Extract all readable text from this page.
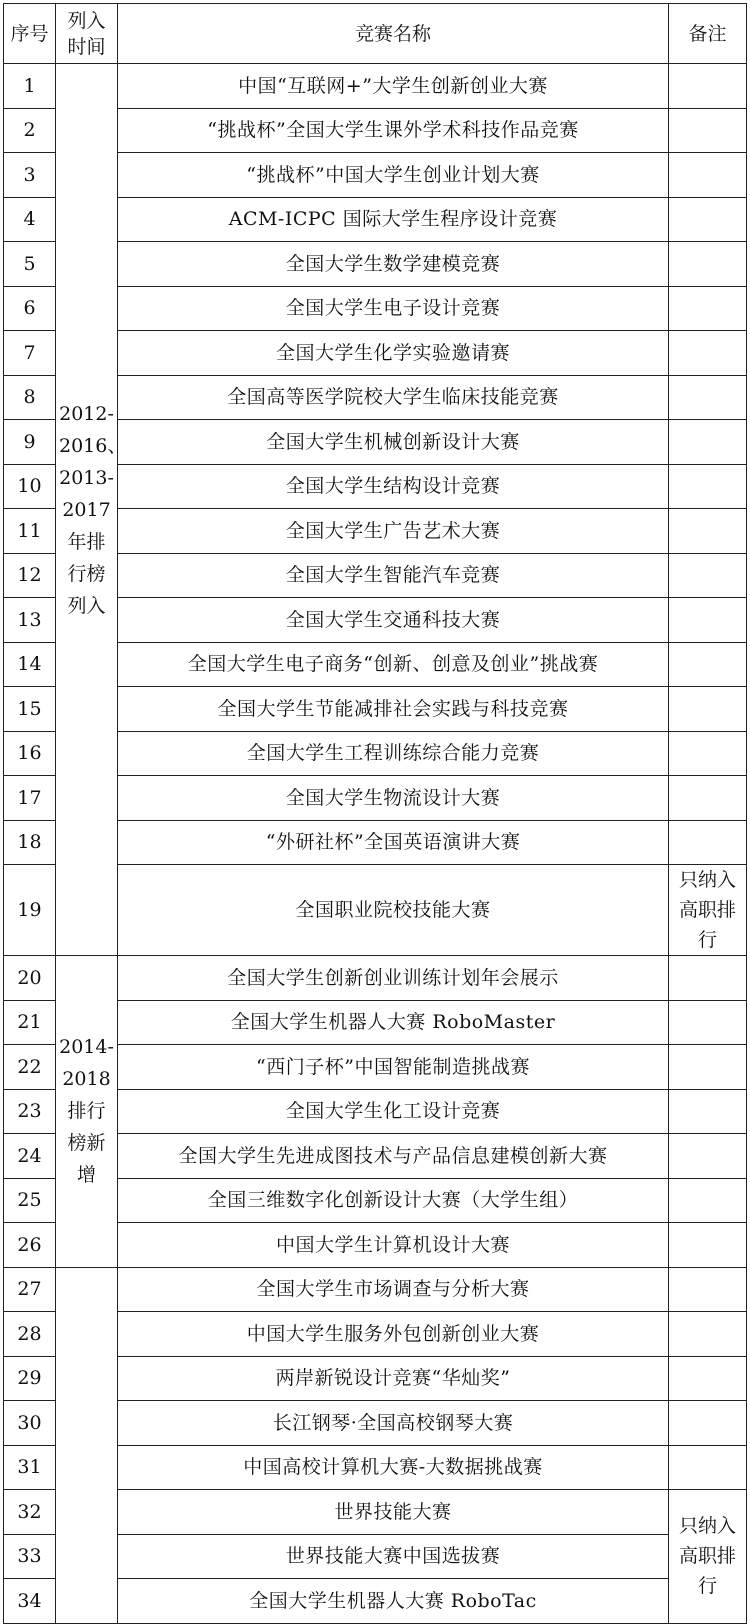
序号	列入时间	竞赛名称	备注
1	2012-2016、2013-2017年排行榜列入	中国“互联网+”大学生创新创业大赛	
2		“挑战杯”全国大学生课外学术科技作品竞赛	
3		“挑战杯”中国大学生创业计划大赛	
4		ACM-ICPC 国际大学生程序设计竞赛	
5		全国大学生数学建模竞赛	
6		全国大学生电子设计竞赛	
7		全国大学生化学实验邀请赛	
8		全国高等医学院校大学生临床技能竞赛	
9		全国大学生机械创新设计大赛	
10		全国大学生结构设计竞赛	
11		全国大学生广告艺术大赛	
12		全国大学生智能汽车竞赛	
13		全国大学生交通科技大赛	
14		全国大学生电子商务“创新、创意及创业”挑战赛	
15		全国大学生节能减排社会实践与科技竞赛	
16		全国大学生工程训练综合能力竞赛	
17		全国大学生物流设计大赛	
18		“外研社杯”全国英语演讲大赛	
19		全国职业院校技能大赛	只纳入高职排行
20	2014-2018排行榜新增	全国大学生创新创业训练计划年会展示	
21		全国大学生机器人大赛 RoboMaster	
22		“西门子杯”中国智能制造挑战赛	
23		全国大学生化工设计竞赛	
24		全国大学生先进成图技术与产品信息建模创新大赛	
25		全国三维数字化创新设计大赛（大学生组）	
26		中国大学生计算机设计大赛	
27		全国大学生市场调查与分析大赛	
28		中国大学生服务外包创新创业大赛	
29		两岸新锐设计竞赛“华灿奖”	
30		长江钢琴·全国高校钢琴大赛	
31		中国高校计算机大赛-大数据挑战赛	
32		世界技能大赛	只纳入高职排行
33		世界技能大赛中国选拔赛	
34		全国大学生机器人大赛 RoboTac	
